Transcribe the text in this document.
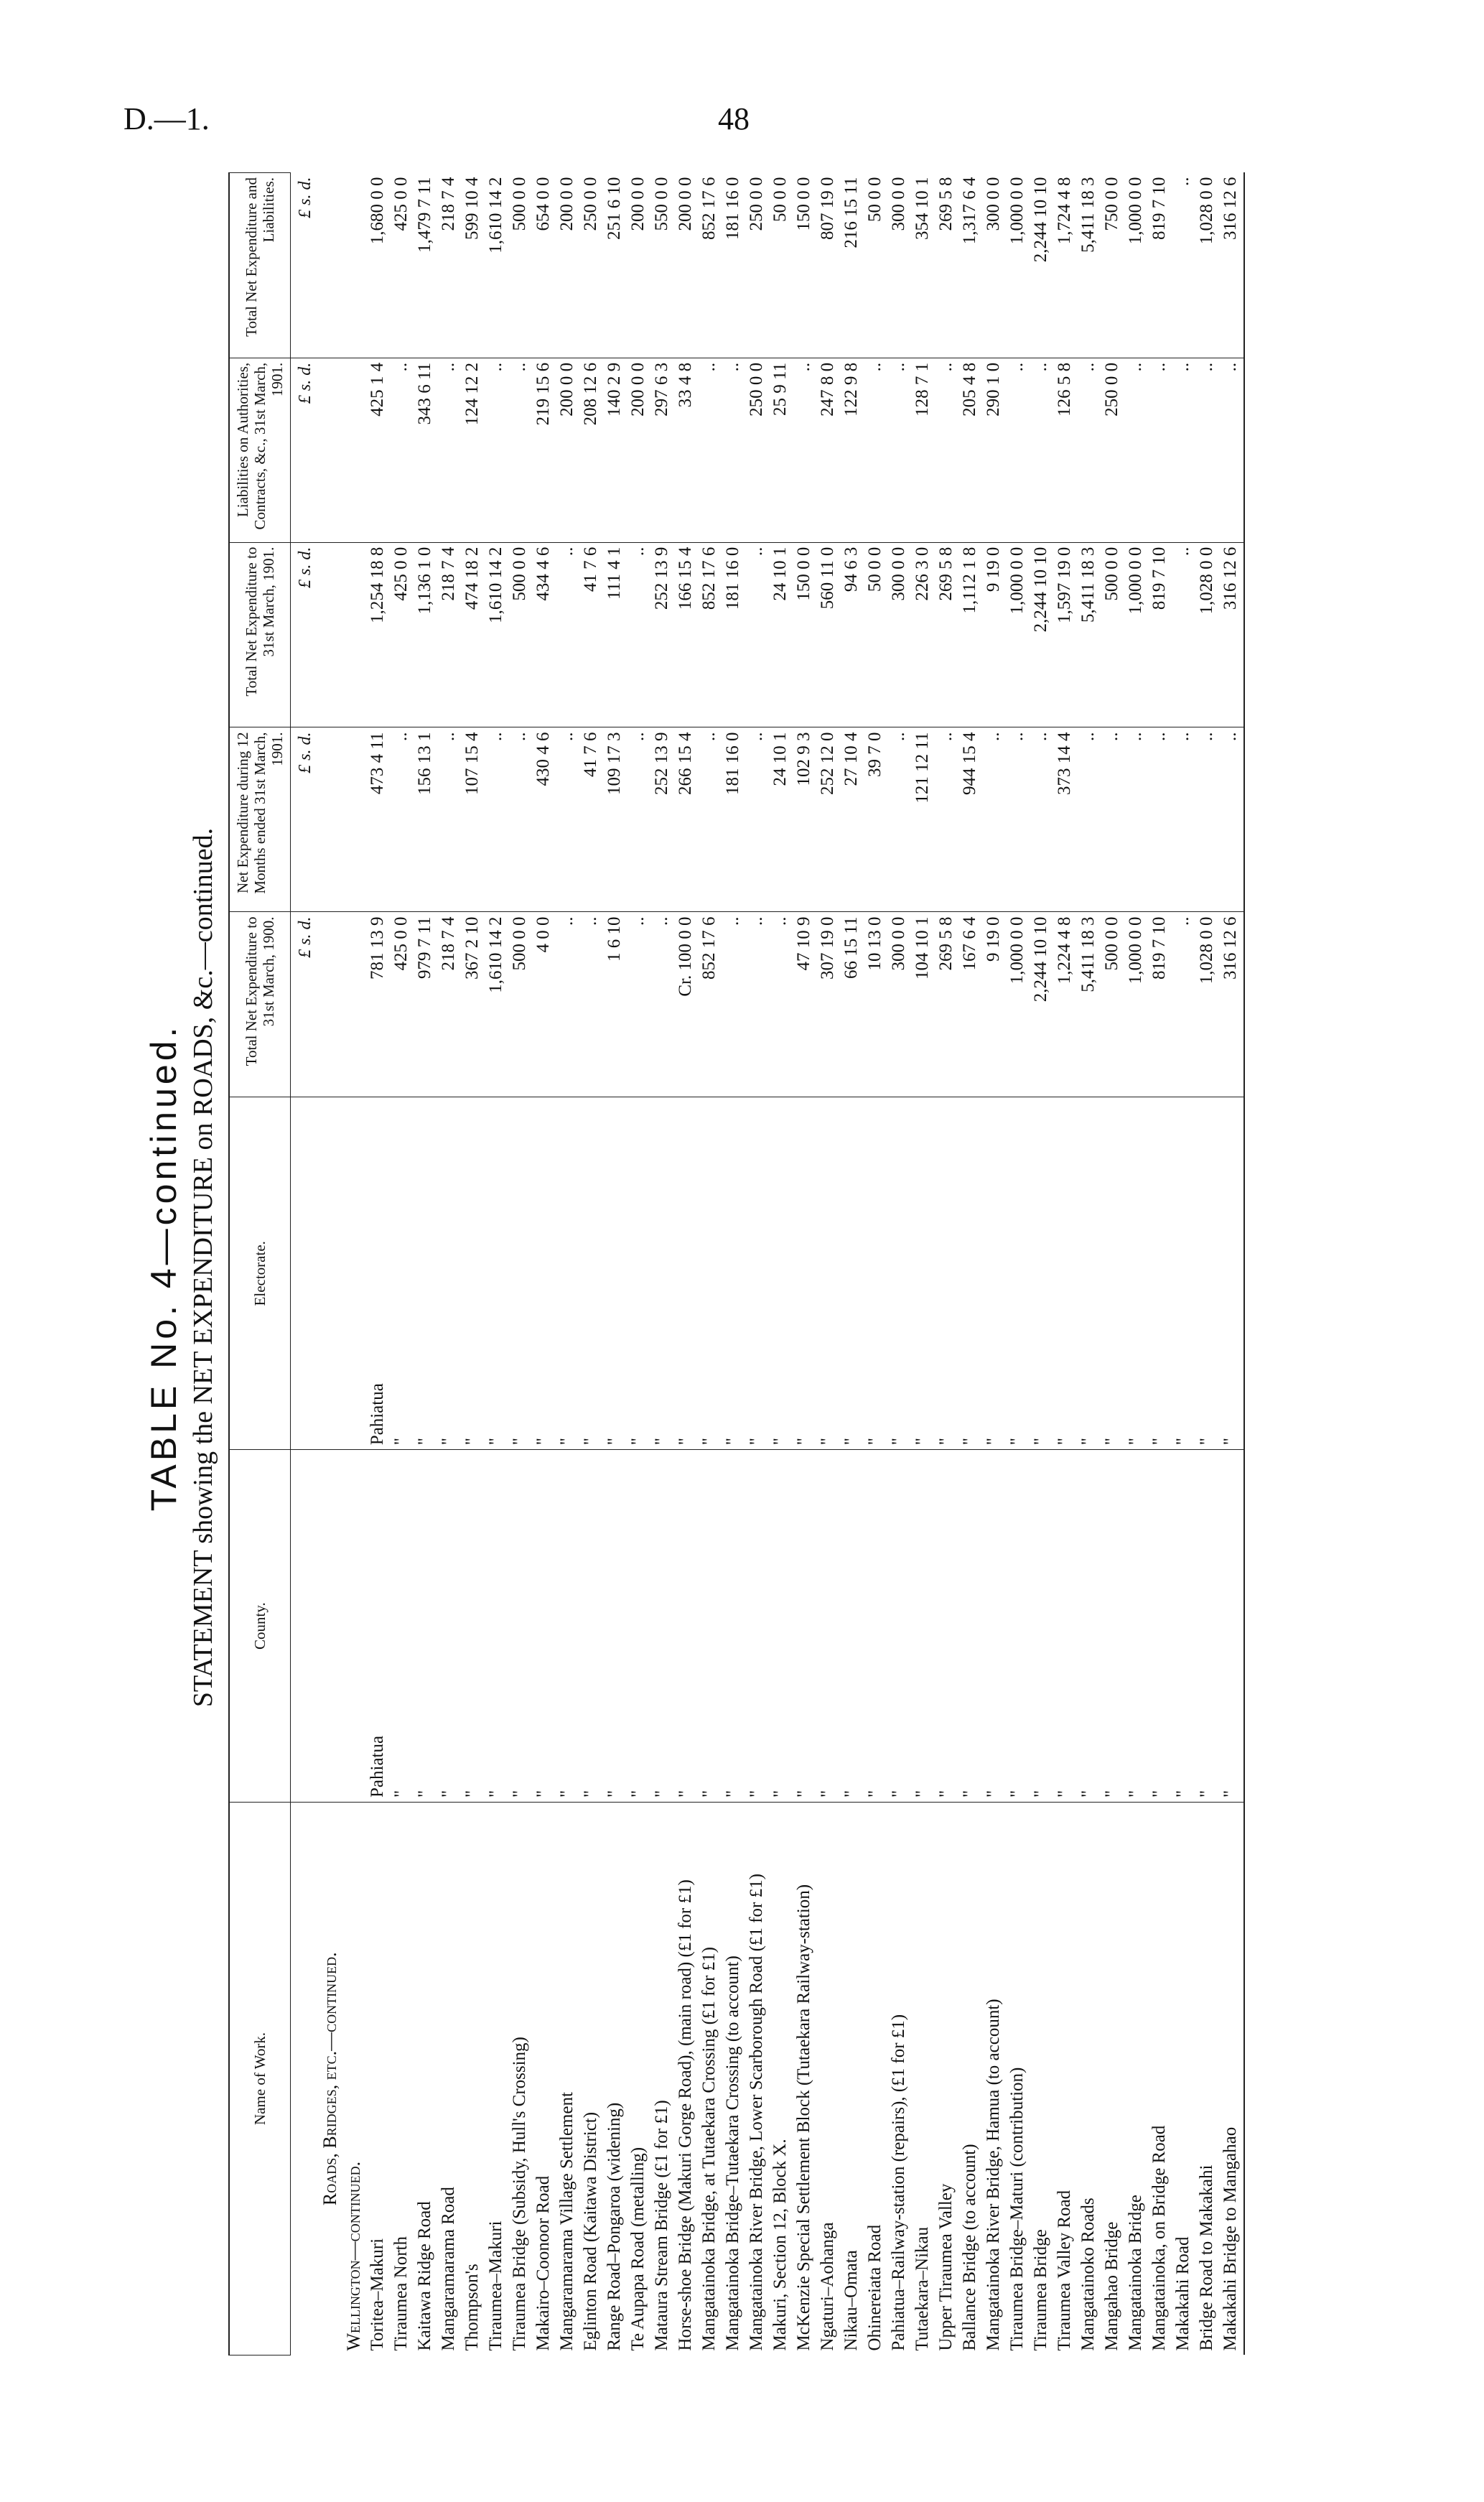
D.—1.	48
TABLE No. 4—continued. STATEMENT showing the NET EXPENDITURE on ROADS, &c.—continued.
Name of Work.	County.	Electorate.	Total Net Expenditure to 31st March, 1900.	Net Expenditure during 12 Months ended 31st March, 1901.	Total Net Expenditure to 31st March, 1901.	Liabilities on Authorities, Contracts, &c., 31st March, 1901.	Total Net Expenditure and Liabilities.
			£ s. d.	£ s. d.	£ s. d.	£ s. d.	£ s. d.
Roads, Bridges, etc.—continued.							
Wellington—continued.							
Toritea–Makuri	Pahiatua	Pahiatua	781 13 9	473 4 11	1,254 18 8	425 1 4	1,680 0 0
Tiraumea North	"	"	425 0 0	..	425 0 0	..	425 0 0
Kaitawa Ridge Road	"	"	979 7 11	156 13 1	1,136 1 0	343 6 11	1,479 7 11
Mangaramarama Road	"	"	218 7 4	..	218 7 4	..	218 7 4
Thompson's	"	"	367 2 10	107 15 4	474 18 2	124 12 2	599 10 4
Tiraumea–Makuri	"	"	1,610 14 2	..	1,610 14 2	..	1,610 14 2
Tiraumea Bridge (Subsidy, Hull's Crossing)	"	"	500 0 0	..	500 0 0	..	500 0 0
Makairo–Coonoor Road	"	"	4 0 0	430 4 6	434 4 6	219 15 6	654 0 0
Mangaramarama Village Settlement	"	"	..	..	..	200 0 0	200 0 0
Eglinton Road (Kaitawa District)	"	"	..	41 7 6	41 7 6	208 12 6	250 0 0
Range Road–Pongaroa (widening)	"	"	1 6 10	109 17 3	111 4 1	140 2 9	251 6 10
Te Aupapa Road (metalling)	"	"	..	..	..	200 0 0	200 0 0
Mataura Stream Bridge (£1 for £1)	"	"	..	252 13 9	252 13 9	297 6 3	550 0 0
Horse-shoe Bridge (Makuri Gorge Road), (main road) (£1 for £1)	"	"	Cr. 100 0 0	266 15 4	166 15 4	33 4 8	200 0 0
Mangatainoka Bridge, at Tutaekara Crossing (£1 for £1)	"	"	852 17 6	..	852 17 6	..	852 17 6
Mangatainoka Bridge–Tutaekara Crossing (to account)	"	"	..	181 16 0	181 16 0	..	181 16 0
Mangatainoka River Bridge, Lower Scarborough Road (£1 for £1)	"	"	..	..	..	250 0 0	250 0 0
Makuri, Section 12, Block X.	"	"	..	24 10 1	24 10 1	25 9 11	50 0 0
McKenzie Special Settlement Block (Tutaekara Railway-station)	"	"	47 10 9	102 9 3	150 0 0	..	150 0 0
Ngaturi–Aohanga	"	"	307 19 0	252 12 0	560 11 0	247 8 0	807 19 0
Nikau–Omata	"	"	66 15 11	27 10 4	94 6 3	122 9 8	216 15 11
Ohinereiata Road	"	"	10 13 0	39 7 0	50 0 0	..	50 0 0
Pahiatua–Railway-station (repairs), (£1 for £1)	"	"	300 0 0	..	300 0 0	..	300 0 0
Tutaekara–Nikau	"	"	104 10 1	121 12 11	226 3 0	128 7 1	354 10 1
Upper Tiraumea Valley	"	"	269 5 8	..	269 5 8	..	269 5 8
Ballance Bridge (to account)	"	"	167 6 4	944 15 4	1,112 1 8	205 4 8	1,317 6 4
Mangatainoka River Bridge, Hamua (to account)	"	"	9 19 0	..	9 19 0	290 1 0	300 0 0
Tiraumea Bridge–Maturi (contribution)	"	"	1,000 0 0	..	1,000 0 0	..	1,000 0 0
Tiraumea Bridge	"	"	2,244 10 10	..	2,244 10 10	..	2,244 10 10
Tiraumea Valley Road	"	"	1,224 4 8	373 14 4	1,597 19 0	126 5 8	1,724 4 8
Mangatainoko Roads	"	"	5,411 18 3	..	5,411 18 3	..	5,411 18 3
Mangahao Bridge	"	"	500 0 0	..	500 0 0	250 0 0	750 0 0
Mangatainoka Bridge	"	"	1,000 0 0	..	1,000 0 0	..	1,000 0 0
Mangatainoka, on Bridge Road	"	"	819 7 10	..	819 7 10	..	819 7 10
Makakahi Road	"	"	..	..	..	..	..
Bridge Road to Makakahi	"	"	1,028 0 0	..	1,028 0 0	..	1,028 0 0
Makakahi Bridge to Mangahao	"	"	316 12 6	..	316 12 6	..	316 12 6
